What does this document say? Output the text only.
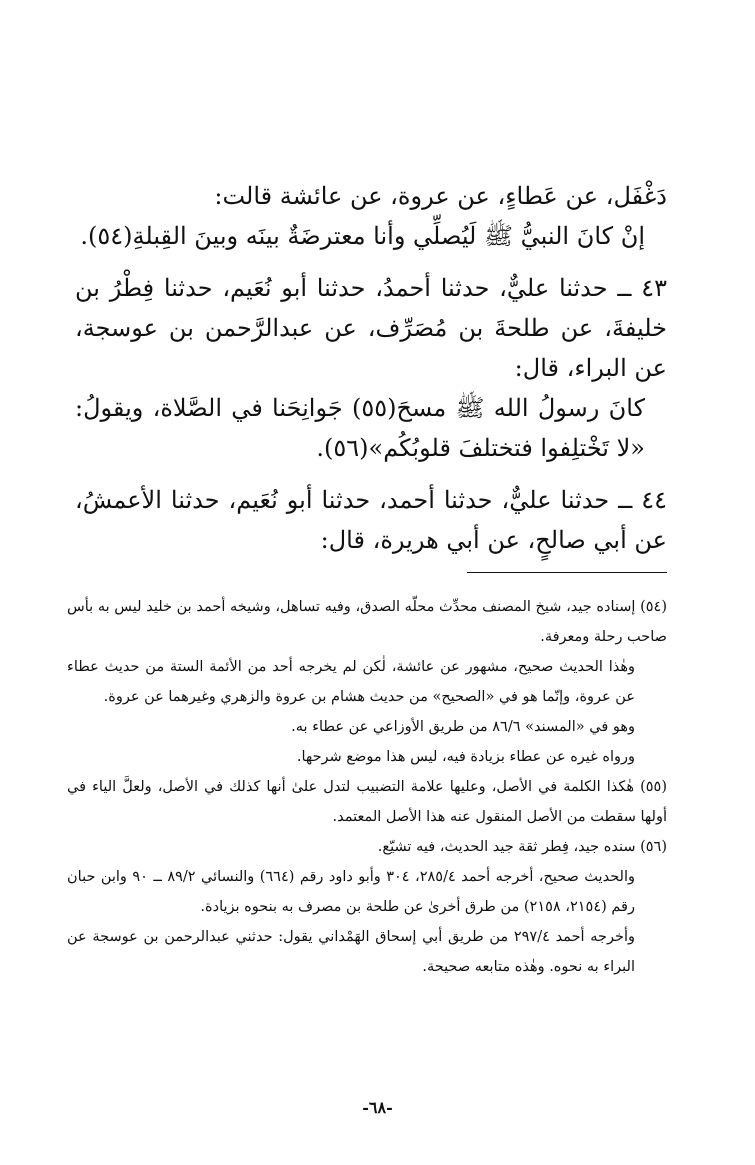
دَغْفَل، عن عَطاءٍ، عن عروة، عن عائشة قالت:

إنْ كانَ النبيُّ ﷺ لَيُصلِّي وأنا معترضَةٌ بينَه وبينَ القِبلةِ(٥٤).

٤٣ ــ حدثنا عليٌّ، حدثنا أحمدُ، حدثنا أبو نُعَيم، حدثنا فِطْرُ بن خليفةَ، عن طلحةَ بن مُصَرِّف، عن عبدالرَّحمن بن عوسجة، عن البراء، قال:

كانَ رسولُ الله ﷺ مسحَ(٥٥) جَوانِحَنا في الصَّلاة، ويقولُ: «لا تَخْتلِفوا فتختلفَ قلوبُكُم»(٥٦).

٤٤ ــ حدثنا عليٌّ، حدثنا أحمد، حدثنا أبو نُعَيم، حدثنا الأعمشُ، عن أبي صالحٍ، عن أبي هريرة، قال:

(٥٤) إسناده جيد، شيخ المصنف محدِّث محلّه الصدق، وفيه تساهل، وشيخه أحمد بن خليد ليس به بأس صاحب رحلة ومعرفة.

وهٰذا الحديث صحيح، مشهور عن عائشة، لٰكن لم يخرجه أحد من الأئمة الستة من حديث عطاء عن عروة، وإنّما هو في «الصحيح» من حديث هشام بن عروة والزهري وغيرهما عن عروة.

وهو في «المسند» ٨٦/٦ من طريق الأوزاعي عن عطاء به.

ورواه غيره عن عطاء بزيادة فيه، ليس هذا موضع شرحها.

(٥٥) هٰكذا الكلمة في الأصل، وعليها علامة التضبيب لتدل علىٰ أنها كذلك في الأصل، ولعلَّ الياء في أولها سقطت من الأصل المنقول عنه هذا الأصل المعتمد.

(٥٦) سنده جيد، فِطر ثقة جيد الحديث، فيه تشيّع.

والحديث صحيح، أخرجه أحمد ٢٨٥/٤، ٣٠٤ وأبو داود رقم (٦٦٤) والنسائي ٨٩/٢ ــ ٩٠ وابن حبان رقم (٢١٥٤، ٢١٥٨) من طرق أخرىٰ عن طلحة بن مصرف به بنحوه بزيادة.

وأخرجه أحمد ٢٩٧/٤ من طريق أبي إسحاق الهَمْداني يقول: حدثني عبدالرحمن بن عوسجة عن البراء به نحوه. وهٰذه متابعه صحيحة.

-٦٨-
